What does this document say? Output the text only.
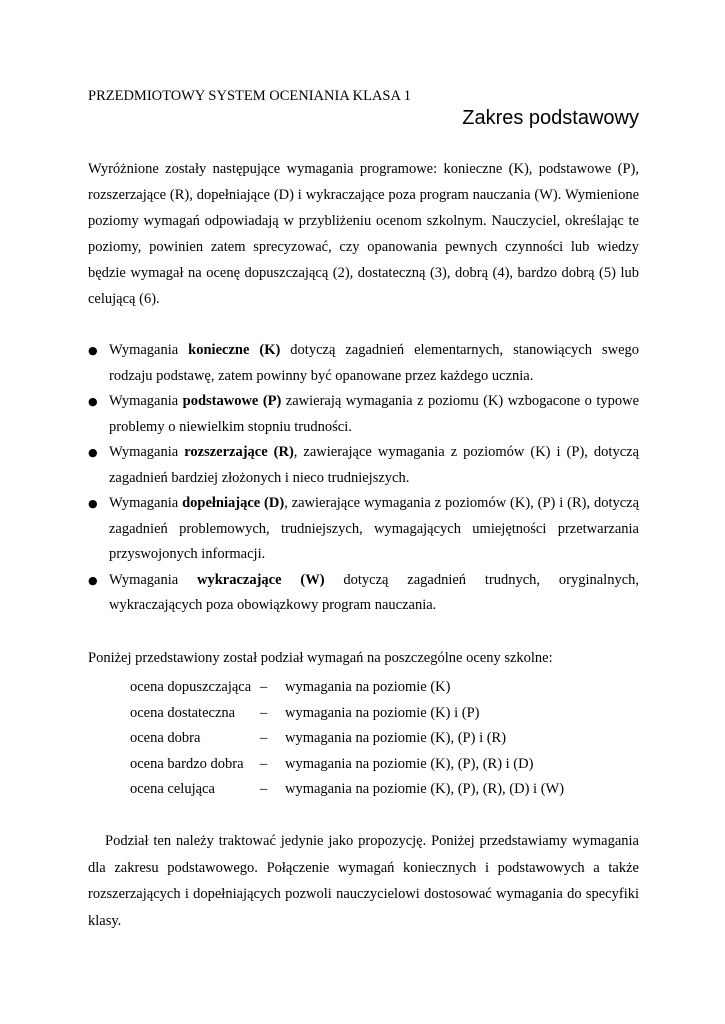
PRZEDMIOTOWY SYSTEM OCENIANIA KLASA 1
Zakres podstawowy

Wyróżnione zostały następujące wymagania programowe: konieczne (K), podstawowe (P), rozszerzające (R), dopełniające (D) i wykraczające poza program nauczania (W). Wymienione poziomy wymagań odpowiadają w przybliżeniu ocenom szkolnym. Nauczyciel, określając te poziomy, powinien zatem sprecyzować, czy opanowania pewnych czynności lub wiedzy będzie wymagał na ocenę dopuszczającą (2), dostateczną (3), dobrą (4), bardzo dobrą (5) lub celującą (6).

● Wymagania konieczne (K) dotyczą zagadnień elementarnych, stanowiących swego rodzaju podstawę, zatem powinny być opanowane przez każdego ucznia.
● Wymagania podstawowe (P) zawierają wymagania z poziomu (K) wzbogacone o typowe problemy o niewielkim stopniu trudności.
● Wymagania rozszerzające (R), zawierające wymagania z poziomów (K) i (P), dotyczą zagadnień bardziej złożonych i nieco trudniejszych.
● Wymagania dopełniające (D), zawierające wymagania z poziomów (K), (P) i (R), dotyczą zagadnień problemowych, trudniejszych, wymagających umiejętności przetwarzania przyswojonych informacji.
● Wymagania wykraczające (W) dotyczą zagadnień trudnych, oryginalnych, wykraczających poza obowiązkowy program nauczania.

Poniżej przedstawiony został podział wymagań na poszczególne oceny szkolne:

ocena dopuszczająca	–	wymagania na poziomie (K)
ocena dostateczna	–	wymagania na poziomie (K) i (P)
ocena dobra	–	wymagania na poziomie (K), (P) i (R)
ocena bardzo dobra	–	wymagania na poziomie (K), (P), (R) i (D)
ocena celująca	–	wymagania na poziomie (K), (P), (R), (D) i (W)

Podział ten należy traktować jedynie jako propozycję. Poniżej przedstawiamy wymagania dla zakresu podstawowego. Połączenie wymagań koniecznych i podstawowych a także rozszerzających i dopełniających pozwoli nauczycielowi dostosować wymagania do specyfiki klasy.
